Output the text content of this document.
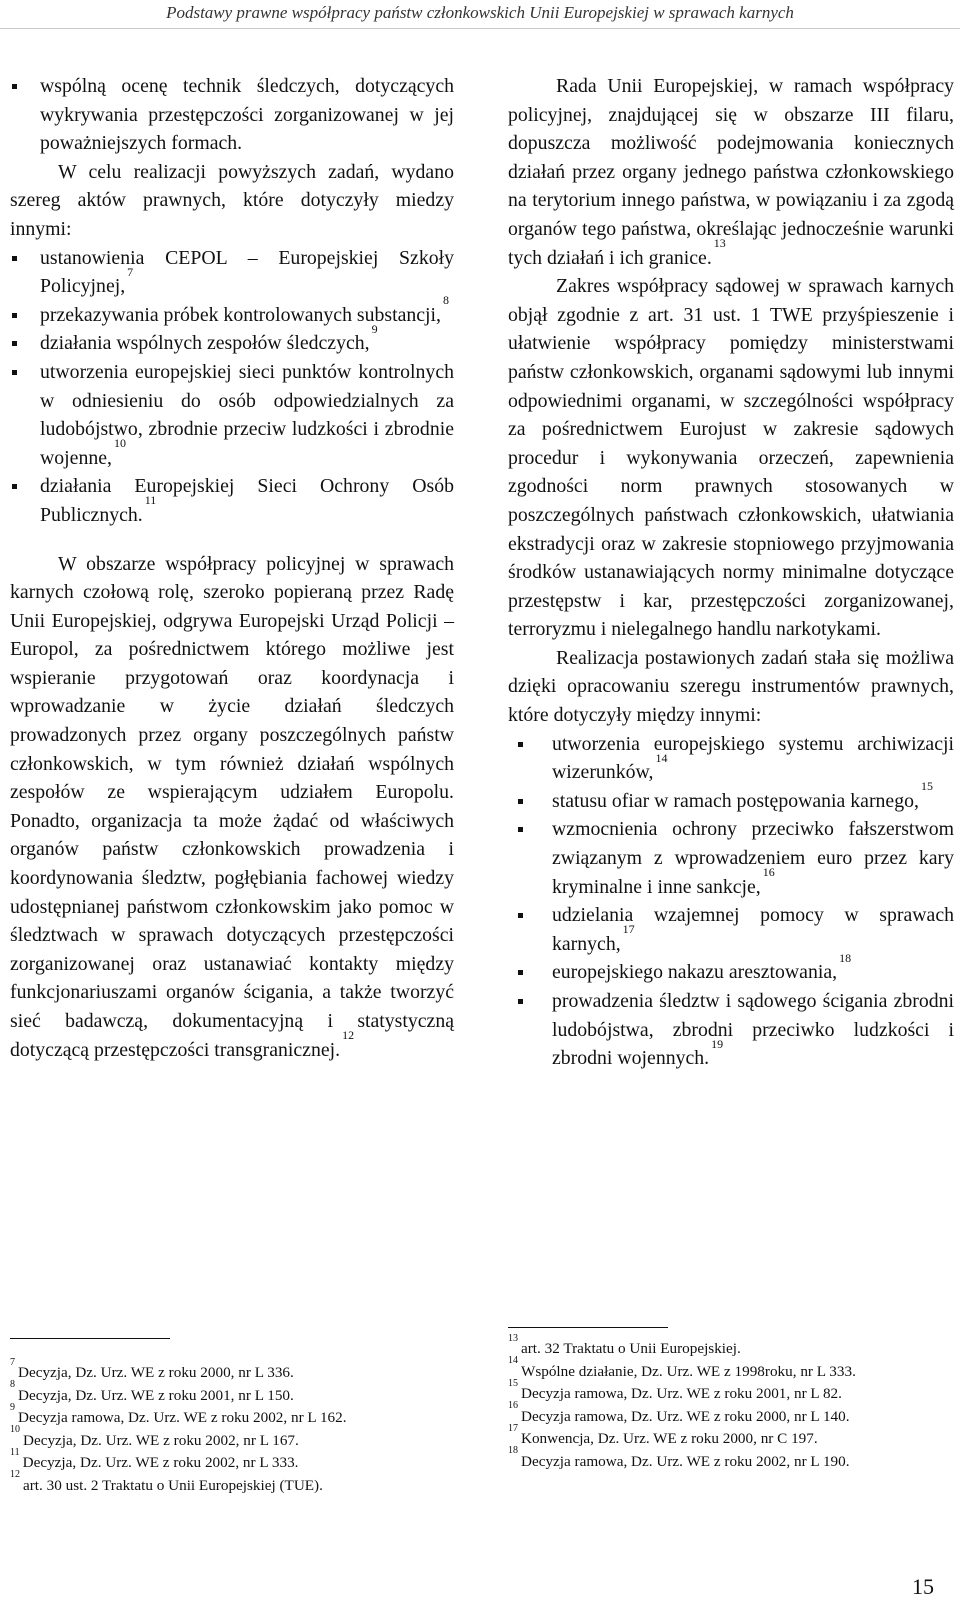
Podstawy prawne współpracy państw członkowskich Unii Europejskiej w sprawach karnych
wspólną ocenę technik śledczych, dotyczących wykrywania przestępczości zorganizowanej w jej poważniejszych formach.

W celu realizacji powyższych zadań, wydano szereg aktów prawnych, które dotyczyły miedzy innymi:

ustanowienia CEPOL – Europejskiej Szkoły Policyjnej,$^7$
przekazywania próbek kontrolowanych substancji,$^8$
działania wspólnych zespołów śledczych,$^9$
utworzenia europejskiej sieci punktów kontrolnych w odniesieniu do osób odpowiedzialnych za ludobójstwo, zbrodnie przeciw ludzkości i zbrodnie wojenne,$^{10}$
działania Europejskiej Sieci Ochrony Osób Publicznych.$^{11}$

W obszarze współpracy policyjnej w sprawach karnych czołową rolę, szeroko popieraną przez Radę Unii Europejskiej, odgrywa Europejski Urząd Policji – Europol, za pośrednictwem którego możliwe jest wspieranie przygotowań oraz koordynacja i wprowadzanie w życie działań śledczych prowadzonych przez organy poszczególnych państw członkowskich, w tym również działań wspólnych zespołów ze wspierającym udziałem Europolu. Ponadto, organizacja ta może żądać od właściwych organów państw członkowskich prowadzenia i koordynowania śledztw, pogłębiania fachowej wiedzy udostępnianej państwom członkowskim jako pomoc w śledztwach w sprawach dotyczących przestępczości zorganizowanej oraz ustanawiać kontakty między funkcjonariuszami organów ścigania, a także tworzyć sieć badawczą, dokumentacyjną i statystyczną dotyczącą przestępczości transgranicznej.$^{12}$

Rada Unii Europejskiej, w ramach współpracy policyjnej, znajdującej się w obszarze III filaru, dopuszcza możliwość podejmowania koniecznych działań przez organy jednego państwa członkowskiego na terytorium innego państwa, w powiązaniu i za zgodą organów tego państwa, określając jednocześnie warunki tych działań i ich granice.$^{13}$

Zakres współpracy sądowej w sprawach karnych objął zgodnie z art. 31 ust. 1 TWE przyśpieszenie i ułatwienie współpracy pomiędzy ministerstwami państw członkowskich, organami sądowymi lub innymi odpowiednimi organami, w szczególności współpracy za pośrednictwem Eurojust w zakresie sądowych procedur i wykonywania orzeczeń, zapewnienia zgodności norm prawnych stosowanych w poszczególnych państwach członkowskich, ułatwiania ekstradycji oraz w zakresie stopniowego przyjmowania środków ustanawiających normy minimalne dotyczące przestępstw i kar, przestępczości zorganizowanej, terroryzmu i nielegalnego handlu narkotykami.

Realizacja postawionych zadań stała się możliwa dzięki opracowaniu szeregu instrumentów prawnych, które dotyczyły między innymi:

utworzenia europejskiego systemu archiwizacji wizerunków,$^{14}$
statusu ofiar w ramach postępowania karnego,$^{15}$
wzmocnienia ochrony przeciwko fałszerstwom związanym z wprowadzeniem euro przez kary kryminalne i inne sankcje,$^{16}$
udzielania wzajemnej pomocy w sprawach karnych,$^{17}$
europejskiego nakazu aresztowania,$^{18}$
prowadzenia śledztw i sądowego ścigania zbrodni ludobójstwa, zbrodni przeciwko ludzkości i zbrodni wojennych.$^{19}$

$^7$Decyzja, Dz. Urz. WE z roku 2000, nr L 336.

$^8$Decyzja, Dz. Urz. WE z roku 2001, nr L 150.

$^9$Decyzja ramowa, Dz. Urz. WE z roku 2002, nr L 162.

$^{10}$Decyzja, Dz. Urz. WE z roku 2002, nr L 167.

$^{11}$Decyzja, Dz. Urz. WE z roku 2002, nr L 333.

$^{12}$art. 30 ust. 2 Traktatu o Unii Europejskiej (TUE).

$^{13}$art. 32 Traktatu o Unii Europejskiej.

$^{14}$Wspólne działanie, Dz. Urz. WE z 1998roku, nr L 333.

$^{15}$Decyzja ramowa, Dz. Urz. WE z roku 2001, nr L 82.

$^{16}$Decyzja ramowa, Dz. Urz. WE z roku 2000, nr L 140.

$^{17}$Konwencja, Dz. Urz. WE z roku 2000, nr C 197.

$^{18}$Decyzja ramowa, Dz. Urz. WE z roku 2002, nr L 190.

15
